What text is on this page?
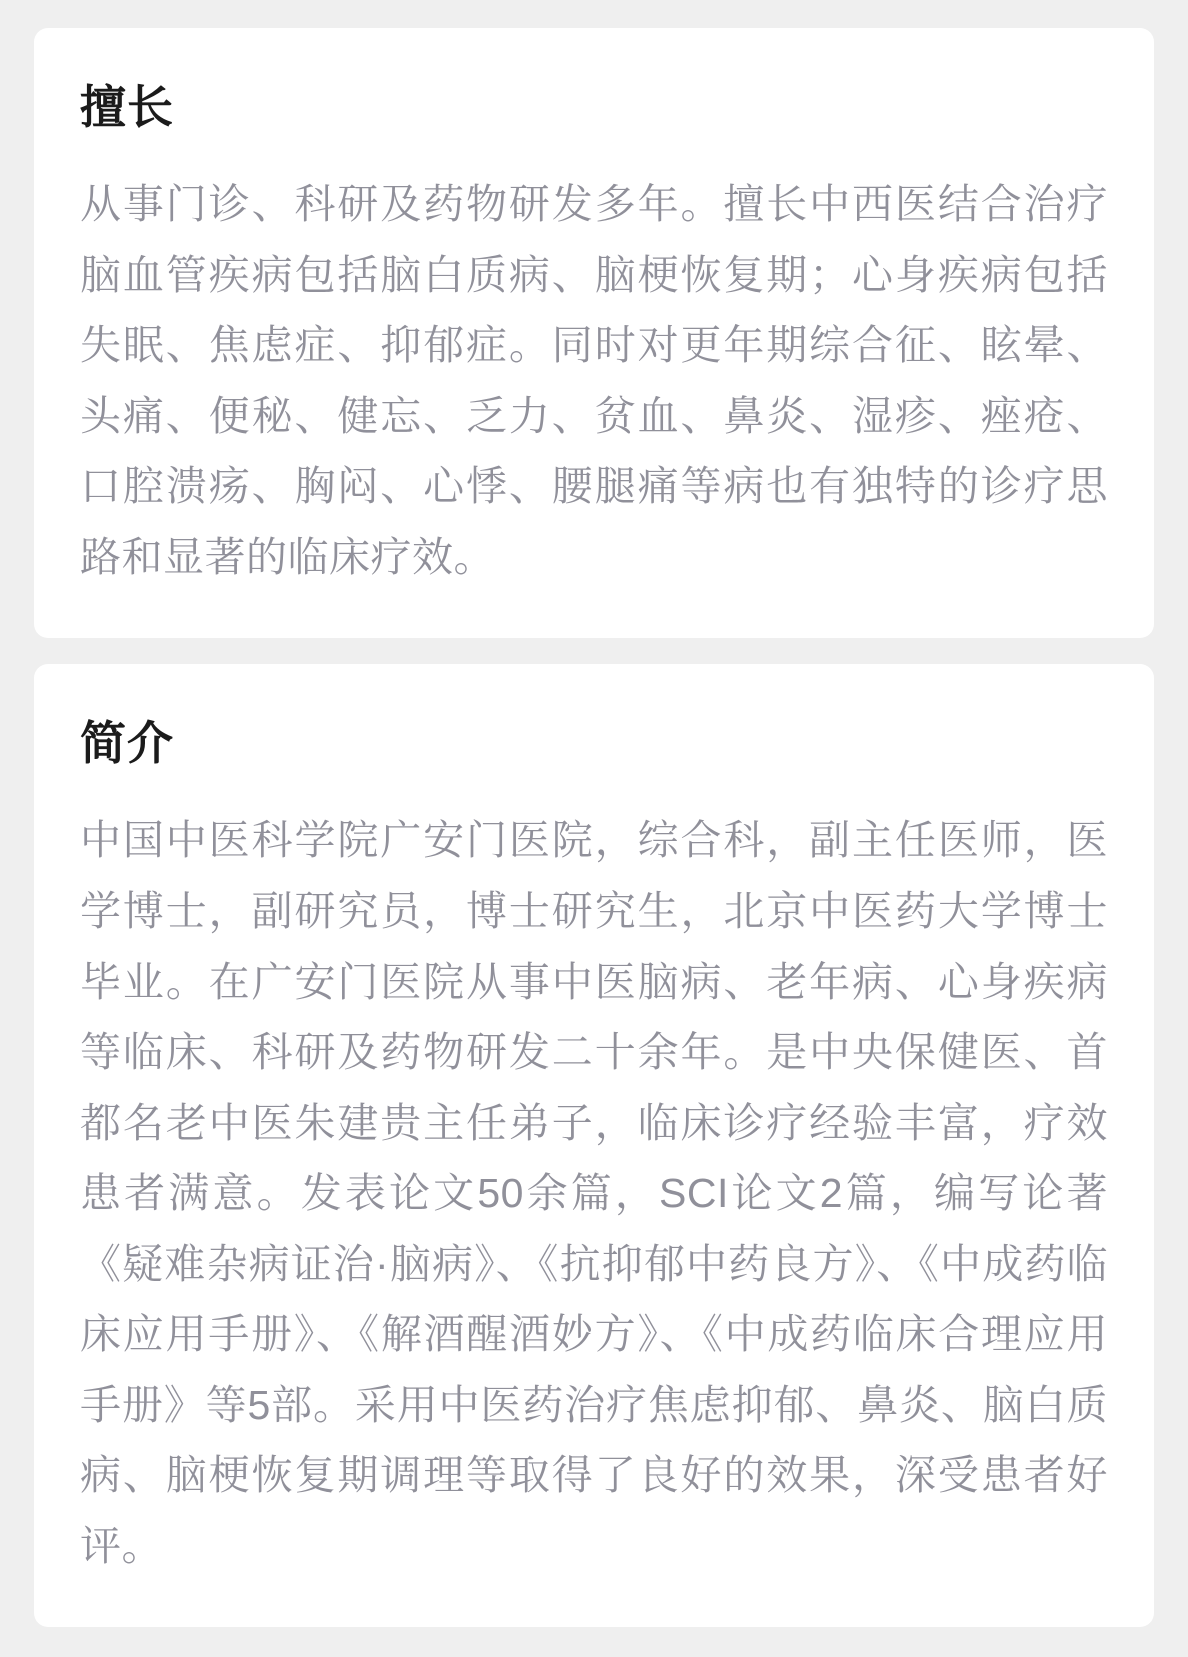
擅长

从事门诊、科研及药物研发多年。擅长中西医结合治疗脑血管疾病包括脑白质病、脑梗恢复期；心身疾病包括失眠、焦虑症、抑郁症。同时对更年期综合征、眩晕、头痛、便秘、健忘、乏力、贫血、鼻炎、湿疹、痤疮、口腔溃疡、胸闷、心悸、腰腿痛等病也有独特的诊疗思路和显著的临床疗效。

简介

中国中医科学院广安门医院，综合科，副主任医师，医学博士，副研究员，博士研究生，北京中医药大学博士毕业。在广安门医院从事中医脑病、老年病、心身疾病等临床、科研及药物研发二十余年。是中央保健医、首都名老中医朱建贵主任弟子，临床诊疗经验丰富，疗效患者满意。发表论文50余篇，SCI论文2篇，编写论著《疑难杂病证治·脑病》、《抗抑郁中药良方》、《中成药临床应用手册》、《解酒醒酒妙方》、《中成药临床合理应用手册》等5部。采用中医药治疗焦虑抑郁、鼻炎、脑白质病、脑梗恢复期调理等取得了良好的效果，深受患者好评。
